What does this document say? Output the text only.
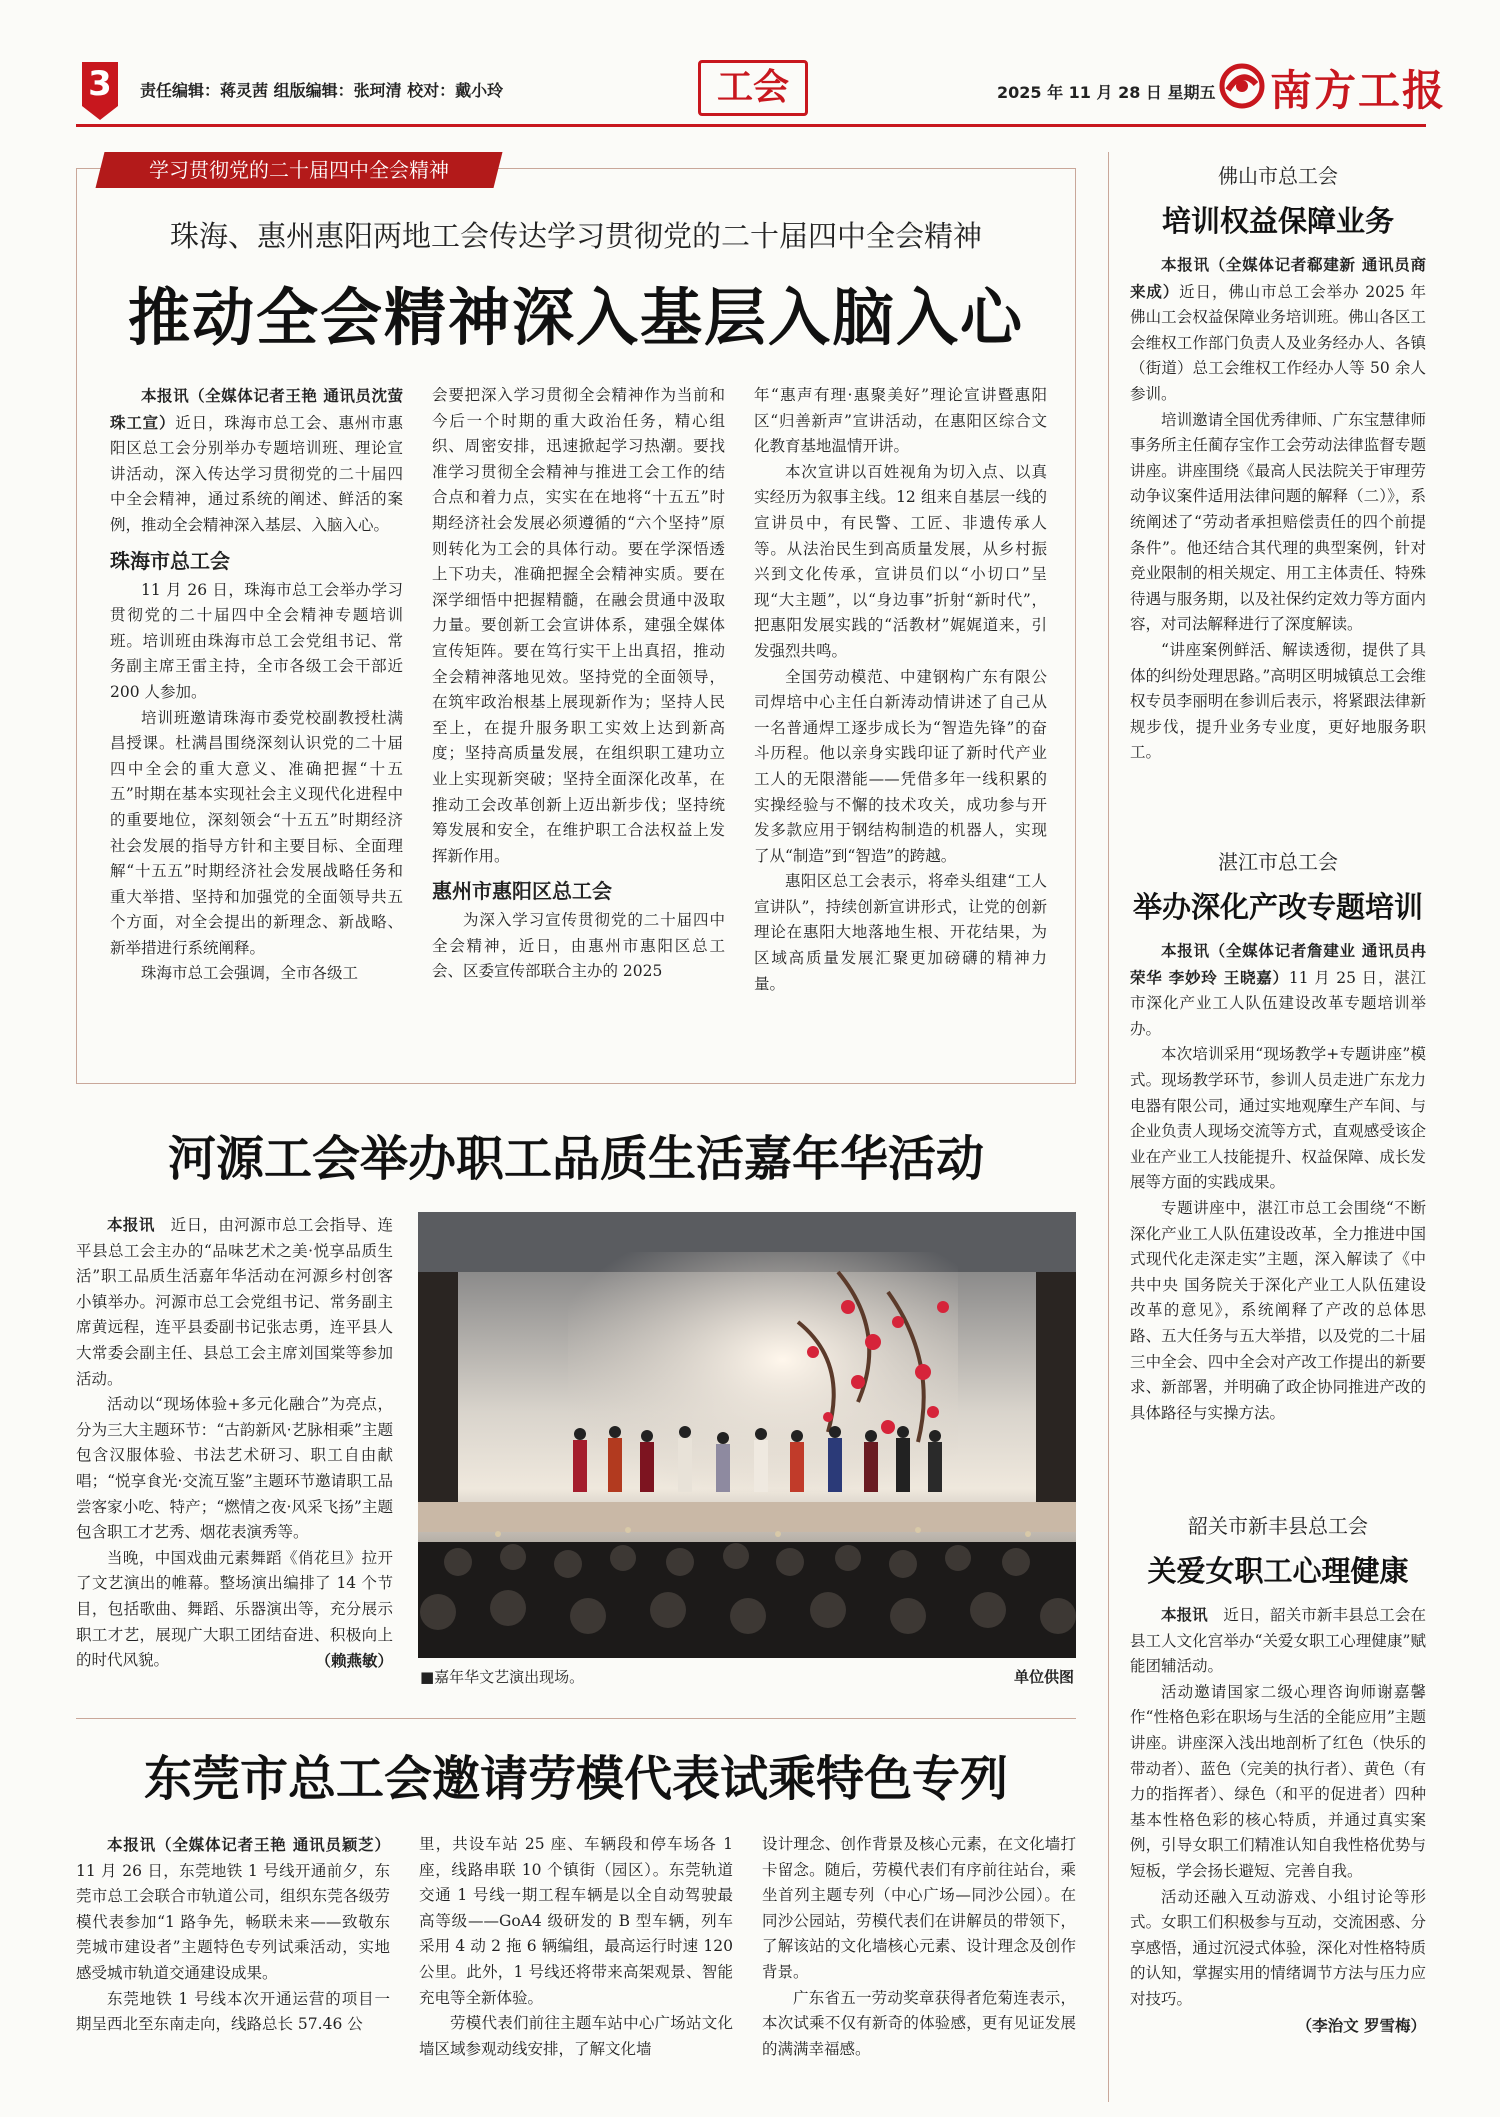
3	责任编辑：蒋灵茜 组版编辑：张珂清 校对：戴小玲	工会	2025 年 11 月 28 日 星期五 南方工报
学习贯彻党的二十届四中全会精神
珠海、惠州惠阳两地工会传达学习贯彻党的二十届四中全会精神
推动全会精神深入基层入脑入心

本报讯（全媒体记者王艳 通讯员沈萤 珠工宣）近日，珠海市总工会、惠州市惠阳区总工会分别举办专题培训班、理论宣讲活动，深入传达学习贯彻党的二十届四中全会精神，通过系统的阐述、鲜活的案例，推动全会精神深入基层、入脑入心。

珠海市总工会

11 月 26 日，珠海市总工会举办学习贯彻党的二十届四中全会精神专题培训班。培训班由珠海市总工会党组书记、常务副主席王雷主持，全市各级工会干部近 200 人参加。

培训班邀请珠海市委党校副教授杜满昌授课。杜满昌围绕深刻认识党的二十届四中全会的重大意义、准确把握“十五五”时期在基本实现社会主义现代化进程中的重要地位，深刻领会“十五五”时期经济社会发展的指导方针和主要目标、全面理解“十五五”时期经济社会发展战略任务和重大举措、坚持和加强党的全面领导共五个方面，对全会提出的新理念、新战略、新举措进行系统阐释。

珠海市总工会强调，全市各级工

会要把深入学习贯彻全会精神作为当前和今后一个时期的重大政治任务，精心组织、周密安排，迅速掀起学习热潮。要找准学习贯彻全会精神与推进工会工作的结合点和着力点，实实在在地将“十五五”时期经济社会发展必须遵循的“六个坚持”原则转化为工会的具体行动。要在学深悟透上下功夫，准确把握全会精神实质。要在深学细悟中把握精髓，在融会贯通中汲取力量。要创新工会宣讲体系，建强全媒体宣传矩阵。要在笃行实干上出真招，推动全会精神落地见效。坚持党的全面领导，在筑牢政治根基上展现新作为；坚持人民至上，在提升服务职工实效上达到新高度；坚持高质量发展，在组织职工建功立业上实现新突破；坚持全面深化改革，在推动工会改革创新上迈出新步伐；坚持统筹发展和安全，在维护职工合法权益上发挥新作用。

惠州市惠阳区总工会

为深入学习宣传贯彻党的二十届四中全会精神，近日，由惠州市惠阳区总工会、区委宣传部联合主办的 2025

年“惠声有理·惠聚美好”理论宣讲暨惠阳区“归善新声”宣讲活动，在惠阳区综合文化教育基地温情开讲。

本次宣讲以百姓视角为切入点、以真实经历为叙事主线。12 组来自基层一线的宣讲员中，有民警、工匠、非遗传承人等。从法治民生到高质量发展，从乡村振兴到文化传承，宣讲员们以“小切口”呈现“大主题”，以“身边事”折射“新时代”，把惠阳发展实践的“活教材”娓娓道来，引发强烈共鸣。

全国劳动模范、中建钢构广东有限公司焊培中心主任白新涛动情讲述了自己从一名普通焊工逐步成长为“智造先锋”的奋斗历程。他以亲身实践印证了新时代产业工人的无限潜能——凭借多年一线积累的实操经验与不懈的技术攻关，成功参与开发多款应用于钢结构制造的机器人，实现了从“制造”到“智造”的跨越。

惠阳区总工会表示，将牵头组建“工人宣讲队”，持续创新宣讲形式，让党的创新理论在惠阳大地落地生根、开花结果，为区域高质量发展汇聚更加磅礴的精神力量。

河源工会举办职工品质生活嘉年华活动

本报讯　 近日，由河源市总工会指导、连平县总工会主办的“品味艺术之美·悦享品质生活”职工品质生活嘉年华活动在河源乡村创客小镇举办。河源市总工会党组书记、常务副主席黄远程，连平县委副书记张志勇，连平县人大常委会副主任、县总工会主席刘国棠等参加活动。

活动以“现场体验+多元化融合”为亮点，分为三大主题环节：“古韵新风·艺脉相乘”主题包含汉服体验、书法艺术研习、职工自由献唱；“悦享食光·交流互鉴”主题环节邀请职工品尝客家小吃、特产；“燃情之夜·风采飞扬”主题包含职工才艺秀、烟花表演秀等。

当晚，中国戏曲元素舞蹈《俏花旦》拉开了文艺演出的帷幕。整场演出编排了 14 个节目，包括歌曲、舞蹈、乐器演出等，充分展示职工才艺，展现广大职工团结奋进、积极向上的时代风貌。　	（赖燕敏）

■嘉年华文艺演出现场。	单位供图
东莞市总工会邀请劳模代表试乘特色专列

本报讯（全媒体记者王艳 通讯员颖芝）11 月 26 日，东莞地铁 1 号线开通前夕，东莞市总工会联合市轨道公司，组织东莞各级劳模代表参加“1 路争先，畅联未来——致敬东莞城市建设者”主题特色专列试乘活动，实地感受城市轨道交通建设成果。

东莞地铁 1 号线本次开通运营的项目一期呈西北至东南走向，线路总长 57.46 公

里，共设车站 25 座、车辆段和停车场各 1 座，线路串联 10 个镇街（园区）。东莞轨道交通 1 号线一期工程车辆是以全自动驾驶最高等级——GoA4 级研发的 B 型车辆，列车采用 4 动 2 拖 6 辆编组，最高运行时速 120 公里。此外，1 号线还将带来高架观景、智能充电等全新体验。

劳模代表们前往主题车站中心广场站文化墙区域参观动线安排，了解文化墙

设计理念、创作背景及核心元素，在文化墙打卡留念。随后，劳模代表们有序前往站台，乘坐首列主题专列（中心广场—同沙公园）。在同沙公园站，劳模代表们在讲解员的带领下，了解该站的文化墙核心元素、设计理念及创作背景。

广东省五一劳动奖章获得者危菊连表示，本次试乘不仅有新奇的体验感，更有见证发展的满满幸福感。

佛山市总工会
培训权益保障业务

本报讯（全媒体记者郗建新 通讯员商来成）近日，佛山市总工会举办 2025 年佛山工会权益保障业务培训班。佛山各区工会维权工作部门负责人及业务经办人、各镇（街道）总工会维权工作经办人等 50 余人参训。

培训邀请全国优秀律师、广东宝慧律师事务所主任蔺存宝作工会劳动法律监督专题讲座。讲座围绕《最高人民法院关于审理劳动争议案件适用法律问题的解释（二）》，系统阐述了“劳动者承担赔偿责任的四个前提条件”。他还结合其代理的典型案例，针对竞业限制的相关规定、用工主体责任、特殊待遇与服务期，以及社保约定效力等方面内容，对司法解释进行了深度解读。

“讲座案例鲜活、解读透彻，提供了具体的纠纷处理思路。”高明区明城镇总工会维权专员李丽明在参训后表示，将紧跟法律新规步伐，提升业务专业度，更好地服务职工。

湛江市总工会
举办深化产改专题培训

本报讯（全媒体记者詹建业 通讯员冉荣华 李妙玲 王晓嘉）11 月 25 日，湛江市深化产业工人队伍建设改革专题培训举办。

本次培训采用“现场教学+专题讲座”模式。现场教学环节，参训人员走进广东龙力电器有限公司，通过实地观摩生产车间、与企业负责人现场交流等方式，直观感受该企业在产业工人技能提升、权益保障、成长发展等方面的实践成果。

专题讲座中，湛江市总工会围绕“不断深化产业工人队伍建设改革，全力推进中国式现代化走深走实”主题，深入解读了《中共中央 国务院关于深化产业工人队伍建设改革的意见》，系统阐释了产改的总体思路、五大任务与五大举措，以及党的二十届三中全会、四中全会对产改工作提出的新要求、新部署，并明确了政企协同推进产改的具体路径与实操方法。

韶关市新丰县总工会
关爱女职工心理健康

本报讯　 近日，韶关市新丰县总工会在县工人文化宫举办“关爱女职工心理健康”赋能团辅活动。

活动邀请国家二级心理咨询师谢嘉馨作“性格色彩在职场与生活的全能应用”主题讲座。讲座深入浅出地剖析了红色（快乐的带动者）、蓝色（完美的执行者）、黄色（有力的指挥者）、绿色（和平的促进者）四种基本性格色彩的核心特质，并通过真实案例，引导女职工们精准认知自我性格优势与短板，学会扬长避短、完善自我。

活动还融入互动游戏、小组讨论等形式。女职工们积极参与互动，交流困惑、分享感悟，通过沉浸式体验，深化对性格特质的认知，掌握实用的情绪调节方法与压力应对技巧。

（李治文 罗雪梅）
